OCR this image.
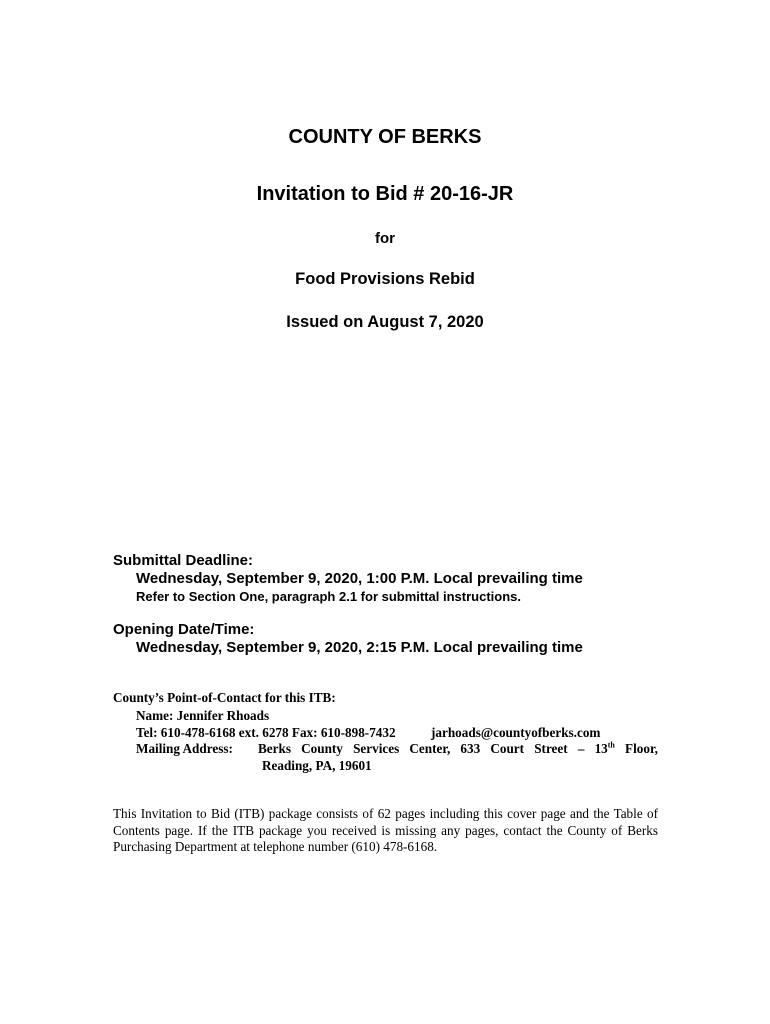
COUNTY OF BERKS
Invitation to Bid # 20-16-JR
for
Food Provisions Rebid
Issued on August 7, 2020
Submittal Deadline:
Wednesday, September 9, 2020, 1:00 P.M. Local prevailing time
Refer to Section One, paragraph 2.1 for submittal instructions.
Opening Date/Time:
Wednesday, September 9, 2020, 2:15 P.M. Local prevailing time
County’s Point-of-Contact for this ITB:
Name: Jennifer Rhoads
Tel: 610-478-6168 ext. 6278 Fax: 610-898-7432	jarhoads@countyofberks.com
Mailing Address: Berks County Services Center, 633 Court Street – 13th Floor,
Reading, PA, 19601
This Invitation to Bid (ITB) package consists of 62 pages including this cover page and the Table of Contents page. If the ITB package you received is missing any pages, contact the County of Berks Purchasing Department at telephone number (610) 478-6168.
